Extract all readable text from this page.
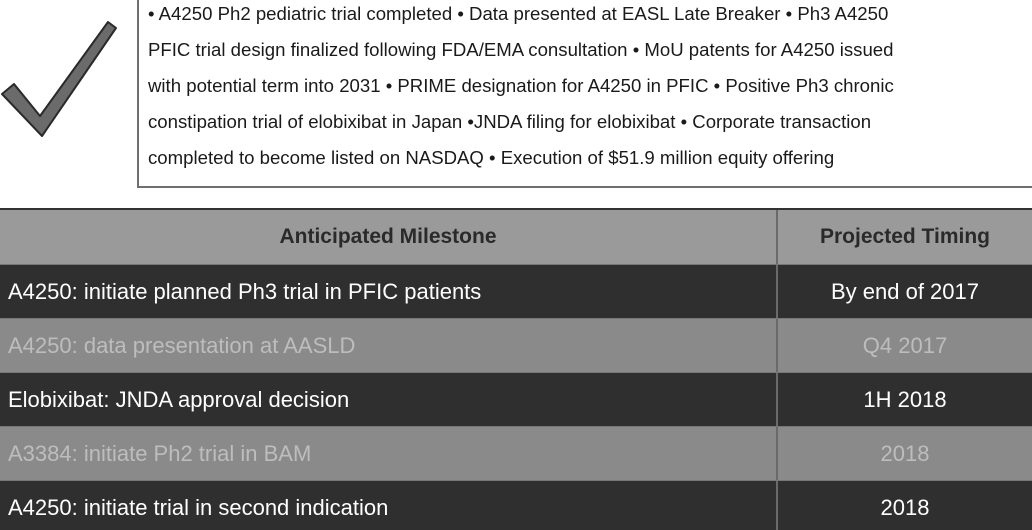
• A4250 Ph2 pediatric trial completed • Data presented at EASL Late Breaker • Ph3 A4250
PFIC trial design finalized following FDA/EMA consultation • MoU patents for A4250 issued
with potential term into 2031 • PRIME designation for A4250 in PFIC • Positive Ph3 chronic
constipation trial of elobixibat in Japan •JNDA filing for elobixibat • Corporate transaction
completed to become listed on NASDAQ • Execution of $51.9 million equity offering
Anticipated Milestone	Projected Timing
A4250: initiate planned Ph3 trial in PFIC patients	By end of 2017
A4250: data presentation at AASLD	Q4 2017
Elobixibat: JNDA approval decision	1H 2018
A3384: initiate Ph2 trial in BAM	2018
A4250: initiate trial in second indication	2018
